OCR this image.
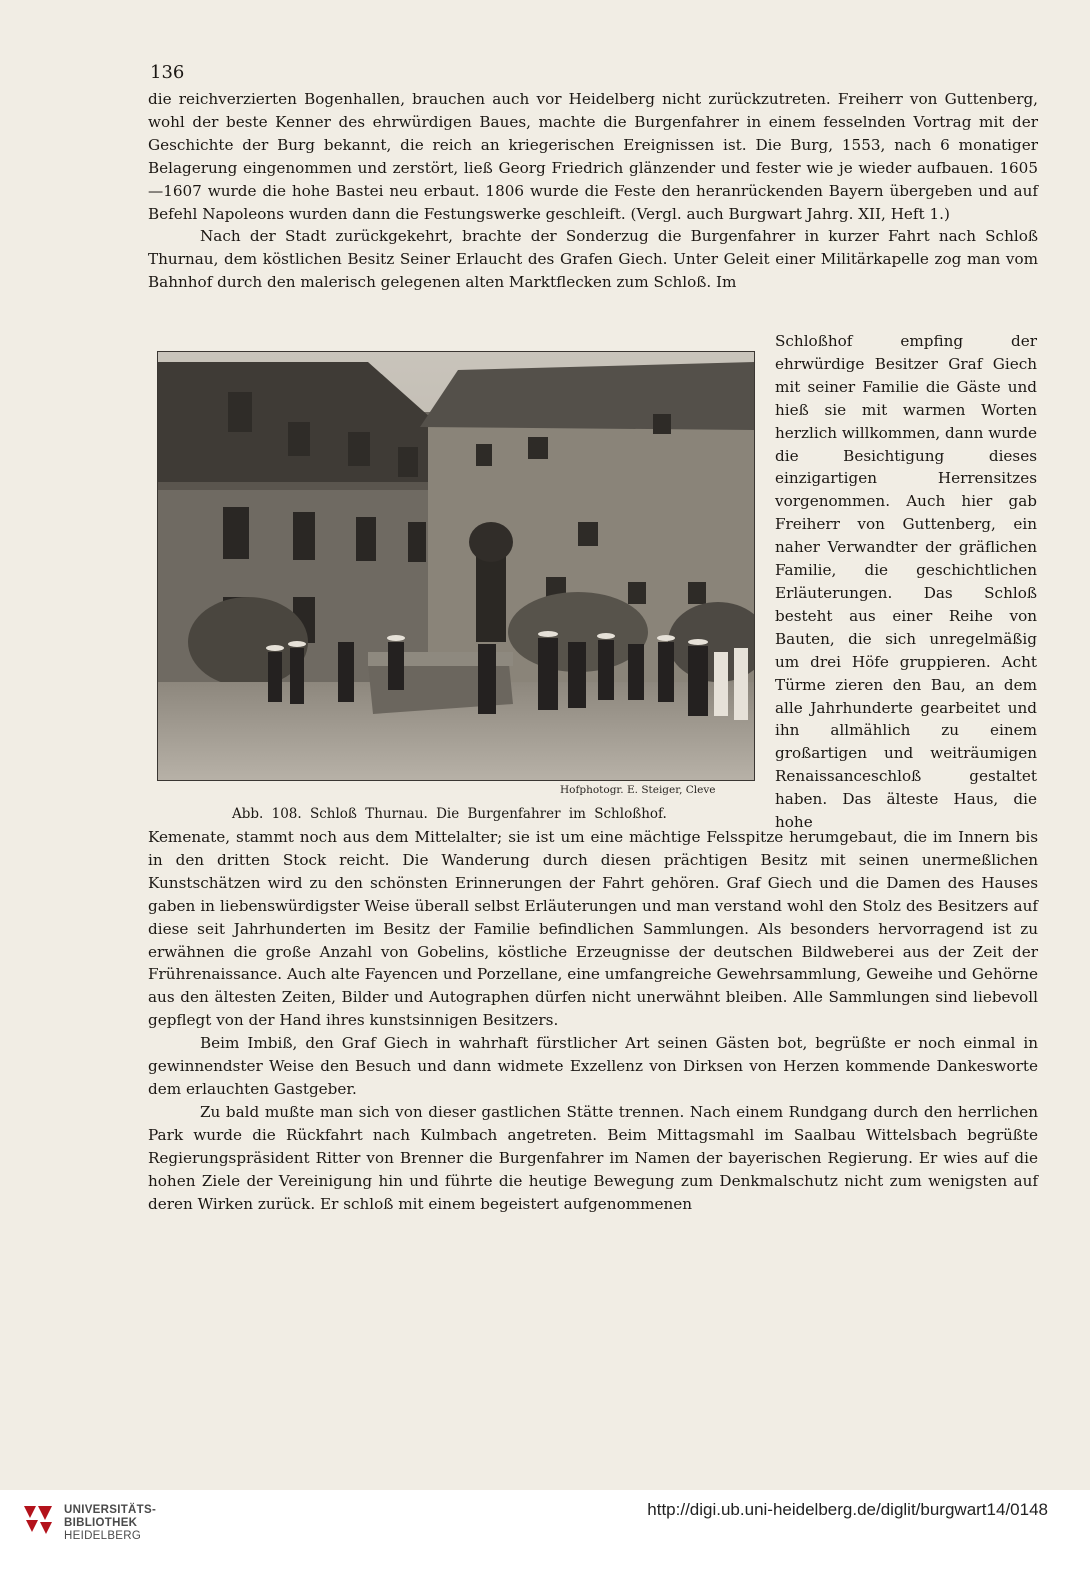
136

die reichverzierten Bogenhallen, brauchen auch vor Heidelberg nicht zurückzutreten. Freiherr von Guttenberg, wohl der beste Kenner des ehrwürdigen Baues, machte die Burgenfahrer in einem fesselnden Vortrag mit der Geschichte der Burg bekannt, die reich an kriegerischen Ereignissen ist. Die Burg, 1553, nach 6 monatiger Belagerung eingenommen und zerstört, ließ Georg Friedrich glänzender und fester wie je wieder aufbauen. 1605—1607 wurde die hohe Bastei neu erbaut. 1806 wurde die Feste den heranrückenden Bayern übergeben und auf Befehl Napoleons wurden dann die Festungswerke geschleift. (Vergl. auch Burgwart Jahrg. XII, Heft 1.)

Nach der Stadt zurückgekehrt, brachte der Sonderzug die Burgenfahrer in kurzer Fahrt nach Schloß Thurnau, dem köstlichen Besitz Seiner Erlaucht des Grafen Giech. Unter Geleit einer Militärkapelle zog man vom Bahnhof durch den malerisch gelegenen alten Marktflecken zum Schloß. Im

Hofphotogr. E. Steiger, Cleve
Abb. 108. Schloß Thurnau. Die Burgenfahrer im Schloßhof.

Schloßhof empfing der ehrwürdige Besitzer Graf Giech mit seiner Familie die Gäste und hieß sie mit warmen Worten herzlich willkommen, dann wurde die Besichtigung dieses einzigartigen Herrensitzes vorgenommen. Auch hier gab Freiherr von Guttenberg, ein naher Verwandter der gräflichen Familie, die geschichtlichen Erläuterungen. Das Schloß besteht aus einer Reihe von Bauten, die sich unregelmäßig um drei Höfe gruppieren. Acht Türme zieren den Bau, an dem alle Jahrhunderte gearbeitet und ihn allmählich zu einem großartigen und weiträumigen Renaissanceschloß gestaltet haben. Das älteste Haus, die hohe

Kemenate, stammt noch aus dem Mittelalter; sie ist um eine mächtige Felsspitze herumgebaut, die im Innern bis in den dritten Stock reicht. Die Wanderung durch diesen prächtigen Besitz mit seinen unermeßlichen Kunstschätzen wird zu den schönsten Erinnerungen der Fahrt gehören. Graf Giech und die Damen des Hauses gaben in liebenswürdigster Weise überall selbst Erläuterungen und man verstand wohl den Stolz des Besitzers auf diese seit Jahrhunderten im Besitz der Familie befindlichen Sammlungen. Als besonders hervorragend ist zu erwähnen die große Anzahl von Gobelins, köstliche Erzeugnisse der deutschen Bildweberei aus der Zeit der Frührenaissance. Auch alte Fayencen und Porzellane, eine umfangreiche Gewehrsammlung, Geweihe und Gehörne aus den ältesten Zeiten, Bilder und Autographen dürfen nicht unerwähnt bleiben. Alle Sammlungen sind liebevoll gepflegt von der Hand ihres kunstsinnigen Besitzers.

Beim Imbiß, den Graf Giech in wahrhaft fürstlicher Art seinen Gästen bot, begrüßte er noch einmal in gewinnendster Weise den Besuch und dann widmete Exzellenz von Dirksen von Herzen kommende Dankesworte dem erlauchten Gastgeber.

Zu bald mußte man sich von dieser gastlichen Stätte trennen. Nach einem Rundgang durch den herrlichen Park wurde die Rückfahrt nach Kulmbach angetreten. Beim Mittagsmahl im Saalbau Wittelsbach begrüßte Regierungspräsident Ritter von Brenner die Burgenfahrer im Namen der bayerischen Regierung. Er wies auf die hohen Ziele der Vereinigung hin und führte die heutige Bewegung zum Denkmalschutz nicht zum wenigsten auf deren Wirken zurück. Er schloß mit einem begeistert aufgenommenen

UNIVERSITÄTS-
BIBLIOTHEK
HEIDELBERG
http://digi.ub.uni-heidelberg.de/diglit/burgwart14/0148
